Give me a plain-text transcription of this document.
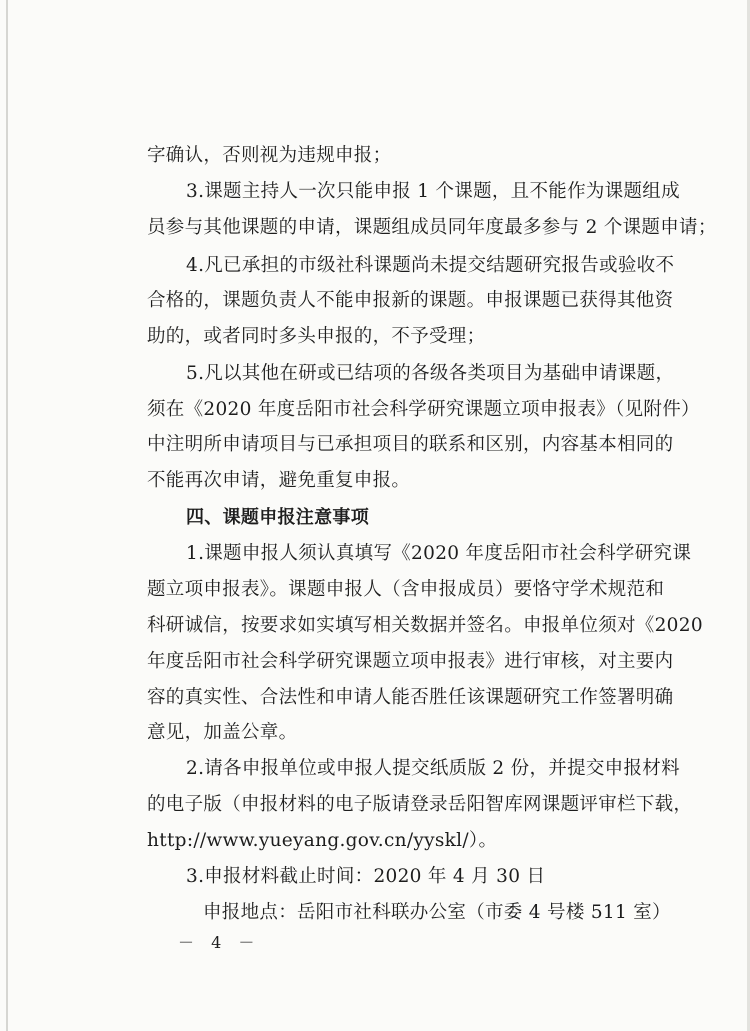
字确认，否则视为违规申报；
3.课题主持人一次只能申报 1 个课题，且不能作为课题组成
员参与其他课题的申请，课题组成员同年度最多参与 2 个课题申请；
4.凡已承担的市级社科课题尚未提交结题研究报告或验收不
合格的，课题负责人不能申报新的课题。申报课题已获得其他资
助的，或者同时多头申报的，不予受理；
5.凡以其他在研或已结项的各级各类项目为基础申请课题，
须在《2020 年度岳阳市社会科学研究课题立项申报表》（见附件）
中注明所申请项目与已承担项目的联系和区别，内容基本相同的
不能再次申请，避免重复申报。
四、课题申报注意事项
1.课题申报人须认真填写《2020 年度岳阳市社会科学研究课
题立项申报表》。课题申报人（含申报成员）要恪守学术规范和
科研诚信，按要求如实填写相关数据并签名。申报单位须对《2020
年度岳阳市社会科学研究课题立项申报表》进行审核，对主要内
容的真实性、合法性和申请人能否胜任该课题研究工作签署明确
意见，加盖公章。
2.请各申报单位或申报人提交纸质版 2 份，并提交申报材料
的电子版（申报材料的电子版请登录岳阳智库网课题评审栏下载，
http://www.yueyang.gov.cn/yyskl/）。
3.申报材料截止时间：2020 年 4 月 30 日
申报地点：岳阳市社科联办公室（市委 4 号楼 511 室）
－ 4 －
